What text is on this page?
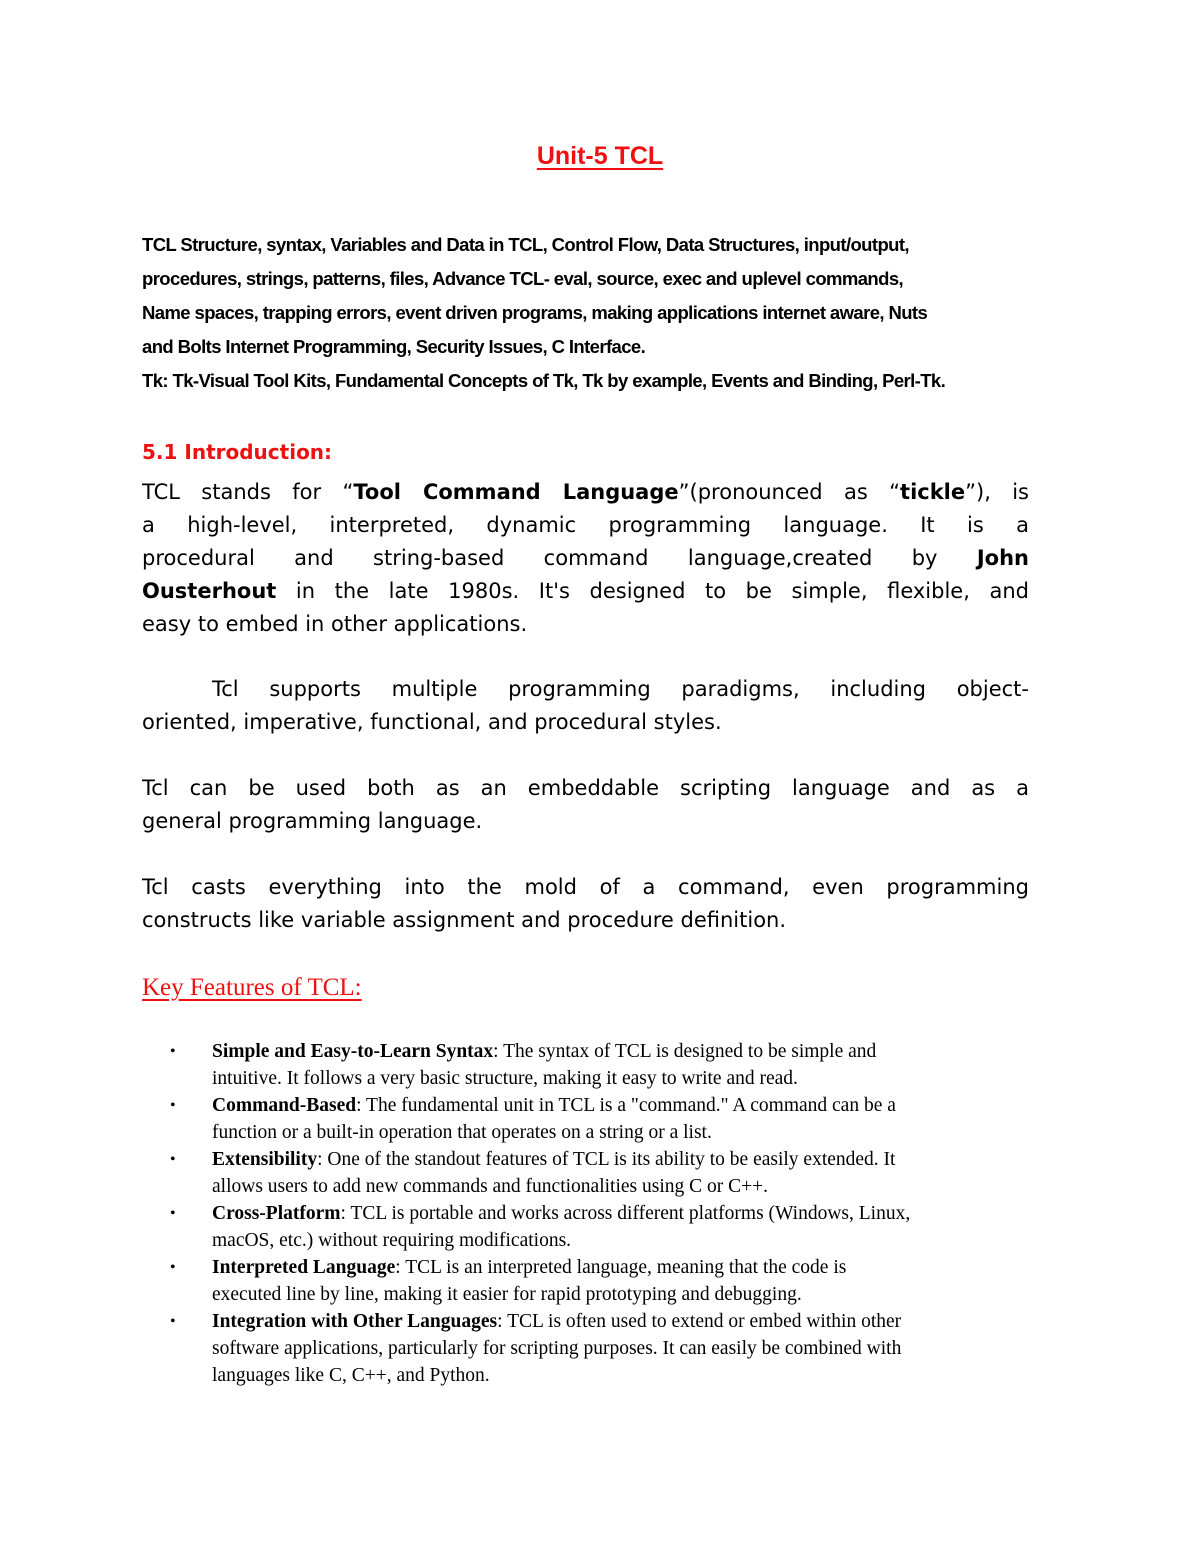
Unit-5 TCL
TCL Structure, syntax, Variables and Data in TCL, Control Flow, Data Structures, input/output,
procedures, strings, patterns, files, Advance TCL- eval, source, exec and uplevel commands,
Name spaces, trapping errors, event driven programs, making applications internet aware, Nuts
and Bolts Internet Programming, Security Issues, C Interface.
Tk: Tk-Visual Tool Kits, Fundamental Concepts of Tk, Tk by example, Events and Binding, Perl-Tk.
5.1 Introduction:
TCL stands for “Tool Command Language”(pronounced as “tickle”), is
a high-level, interpreted, dynamic programming language. It is a
procedural and string-based command language,created by John
Ousterhout in the late 1980s. It's designed to be simple, flexible, and
easy to embed in other applications.
Tcl supports multiple programming paradigms, including object-
oriented, imperative, functional, and procedural styles.
Tcl can be used both as an embeddable scripting language and as a
general programming language.
Tcl casts everything into the mold of a command, even programming
constructs like variable assignment and procedure definition.
Key Features of TCL:
• Simple and Easy-to-Learn Syntax: The syntax of TCL is designed to be simple and
intuitive. It follows a very basic structure, making it easy to write and read.
• Command-Based: The fundamental unit in TCL is a "command." A command can be a
function or a built-in operation that operates on a string or a list.
• Extensibility: One of the standout features of TCL is its ability to be easily extended. It
allows users to add new commands and functionalities using C or C++.
• Cross-Platform: TCL is portable and works across different platforms (Windows, Linux,
macOS, etc.) without requiring modifications.
• Interpreted Language: TCL is an interpreted language, meaning that the code is
executed line by line, making it easier for rapid prototyping and debugging.
• Integration with Other Languages: TCL is often used to extend or embed within other
software applications, particularly for scripting purposes. It can easily be combined with
languages like C, C++, and Python.
